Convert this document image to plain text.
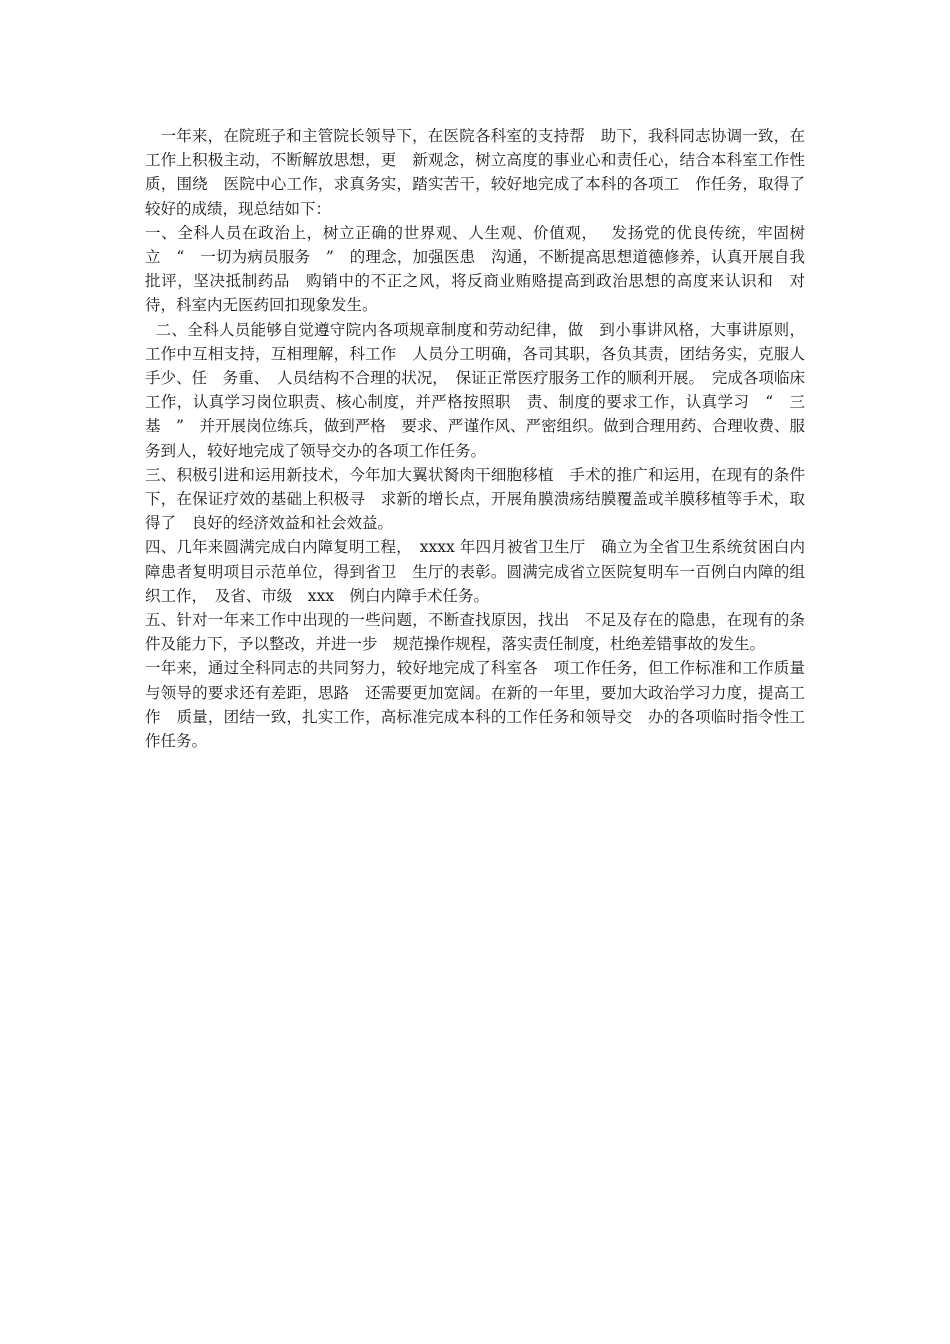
一年来，在院班子和主管院长领导下，在医院各科室的支持帮　助下，我科同志协调一致，在工作上积极主动，不断解放思想，更　新观念，树立高度的事业心和责任心，结合本科室工作性质，围绕　医院中心工作，求真务实，踏实苦干，较好地完成了本科的各项工　作任务，取得了较好的成绩，现总结如下：

一、全科人员在政治上，树立正确的世界观、人生观、价值观，　 发扬党的优良传统，牢固树立　“　一切为病员服务　”　的理念，加强医患　沟通，不断提高思想道德修养，认真开展自我批评，坚决抵制药品　购销中的不正之风，将反商业贿赂提高到政治思想的高度来认识和　对待，科室内无医药回扣现象发生。

二、全科人员能够自觉遵守院内各项规章制度和劳动纪律，做　到小事讲风格，大事讲原则，工作中互相支持，互相理解，科工作　人员分工明确，各司其职，各负其责，团结务实，克服人手少、任　务重、　人员结构不合理的状况，　保证正常医疗服务工作的顺利开展。　完成各项临床工作，认真学习岗位职责、核心制度，并严格按照职　责、制度的要求工作，认真学习　“　三基　”　并开展岗位练兵，做到严格　要求、严谨作风、严密组织。做到合理用药、合理收费、服务到人，较好地完成了领导交办的各项工作任务。

三、积极引进和运用新技术，今年加大翼状胬肉干细胞移植　手术的推广和运用，在现有的条件下，在保证疗效的基础上积极寻　求新的增长点，开展角膜溃疡结膜覆盖或羊膜移植等手术，取得了　良好的经济效益和社会效益。

四、几年来圆满完成白内障复明工程，　xxxx 年四月被省卫生厅　确立为全省卫生系统贫困白内障患者复明项目示范单位，得到省卫　生厅的表彰。圆满完成省立医院复明车一百例白内障的组织工作，　及省、市级　xxx　例白内障手术任务。

五、针对一年来工作中出现的一些问题，不断查找原因，找出　不足及存在的隐患，在现有的条件及能力下，予以整改，并进一步　规范操作规程，落实责任制度，杜绝差错事故的发生。

一年来，通过全科同志的共同努力，较好地完成了科室各　项工作任务，但工作标准和工作质量与领导的要求还有差距，思路　还需要更加宽阔。在新的一年里，要加大政治学习力度，提高工作　质量，团结一致，扎实工作，高标准完成本科的工作任务和领导交　办的各项临时指令性工作任务。
